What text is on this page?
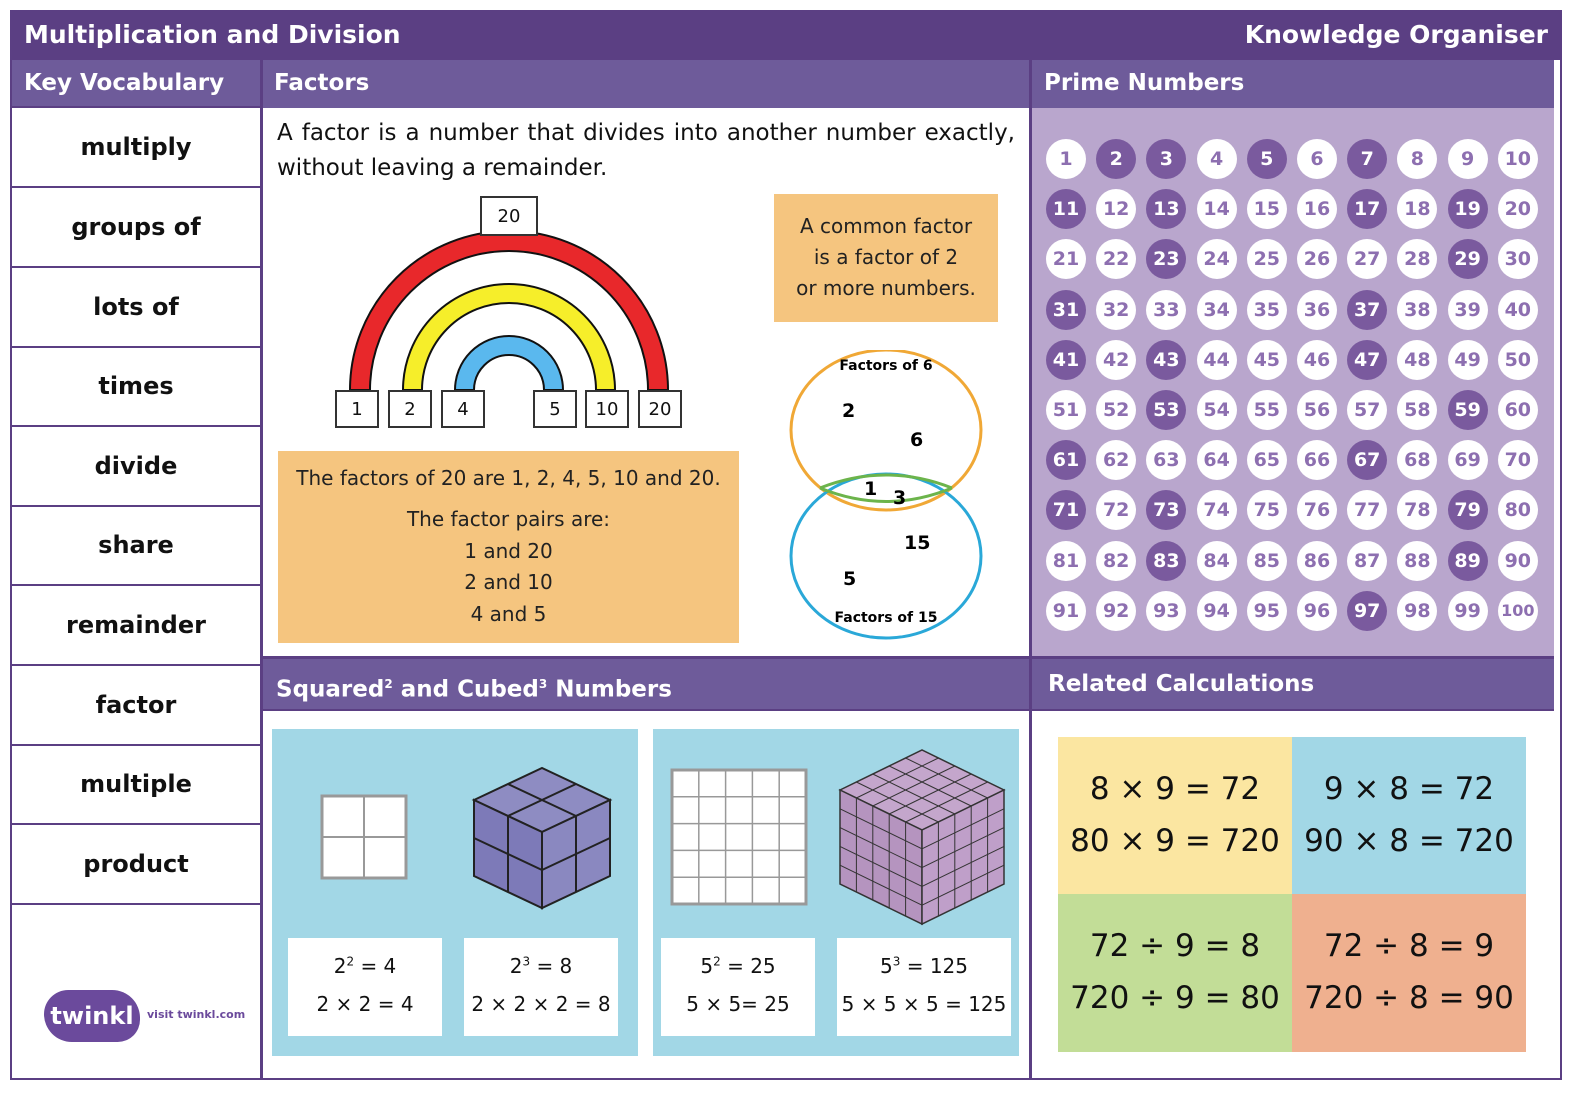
Multiplication and Division	Knowledge Organiser
Key Vocabulary	Factors	Prime Numbers
Squared$^2$ and Cubed$^3$ Numbers	Related Calculations
multiply
groups of
lots of
times
divide
share
remainder
factor
multiple
product
twinkl visit twinkl.com
A factor is a number that divides into another number exactly, without leaving a remainder.
20
1	2	4	5	10	20
A common factor
is a factor of 2
or more numbers.
The factors of 20 are 1, 2, 4, 5, 10 and 20.
The factor pairs are:
1 and 20
2 and 10
4 and 5
Factors of 6
Factors of 15
2
6
1 3
15
5
1	2	3	4	5	6	7	8	9	10
11	12	13	14	15	16	17	18	19	20
21	22	23	24	25	26	27	28	29	30
31	32	33	34	35	36	37	38	39	40
41	42	43	44	45	46	47	48	49	50
51	52	53	54	55	56	57	58	59	60
61	62	63	64	65	66	67	68	69	70
71	72	73	74	75	76	77	78	79	80
81	82	83	84	85	86	87	88	89	90
91	92	93	94	95	96	97	98	99	100
$2^2 = 4$
2 × 2 = 4
$2^3 = 8$
2 × 2 × 2 = 8
$5^2 = 25$
5 × 5= 25
$5^3 = 125$
5 × 5 × 5 = 125
8 × 9 = 72
80 × 9 = 720
9 × 8 = 72
90 × 8 = 720
72 ÷ 9 = 8
720 ÷ 9 = 80
72 ÷ 8 = 9
720 ÷ 8 = 90
